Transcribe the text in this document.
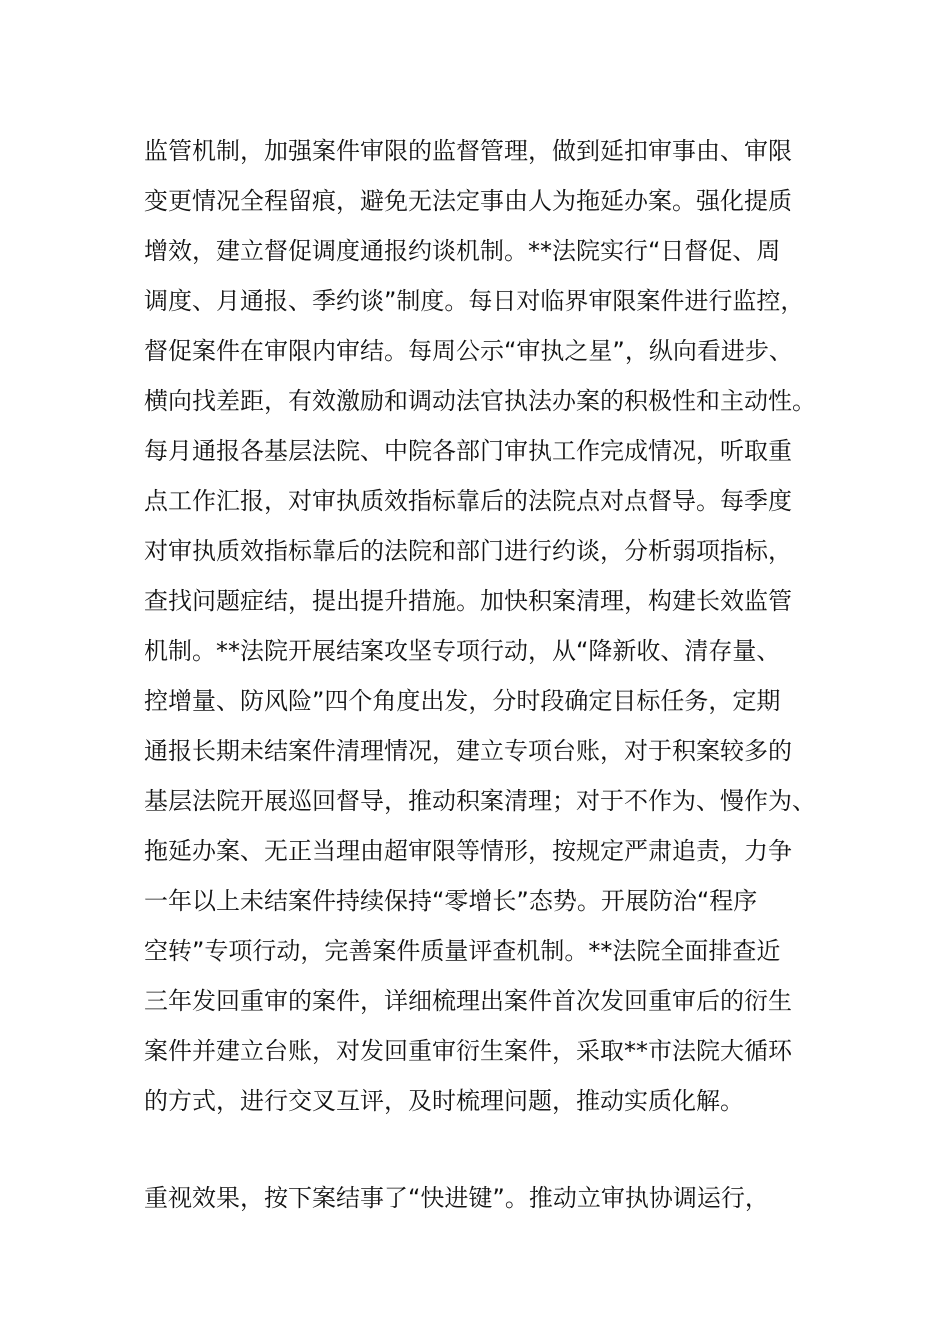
监管机制，加强案件审限的监督管理，做到延扣审事由、审限
变更情况全程留痕，避免无法定事由人为拖延办案。强化提质
增效，建立督促调度通报约谈机制。**法院实行“日督促、周
调度、月通报、季约谈”制度。每日对临界审限案件进行监控，
督促案件在审限内审结。每周公示“审执之星”，纵向看进步、
横向找差距，有效激励和调动法官执法办案的积极性和主动性。
每月通报各基层法院、中院各部门审执工作完成情况，听取重
点工作汇报，对审执质效指标靠后的法院点对点督导。每季度
对审执质效指标靠后的法院和部门进行约谈，分析弱项指标，
查找问题症结，提出提升措施。加快积案清理，构建长效监管
机制。**法院开展结案攻坚专项行动，从“降新收、清存量、
控增量、防风险”四个角度出发，分时段确定目标任务，定期
通报长期未结案件清理情况，建立专项台账，对于积案较多的
基层法院开展巡回督导，推动积案清理；对于不作为、慢作为、
拖延办案、无正当理由超审限等情形，按规定严肃追责，力争
一年以上未结案件持续保持“零增长”态势。开展防治“程序
空转”专项行动，完善案件质量评查机制。**法院全面排查近
三年发回重审的案件，详细梳理出案件首次发回重审后的衍生
案件并建立台账，对发回重审衍生案件，采取**市法院大循环
的方式，进行交叉互评，及时梳理问题，推动实质化解。
重视效果，按下案结事了“快进键”。推动立审执协调运行，
